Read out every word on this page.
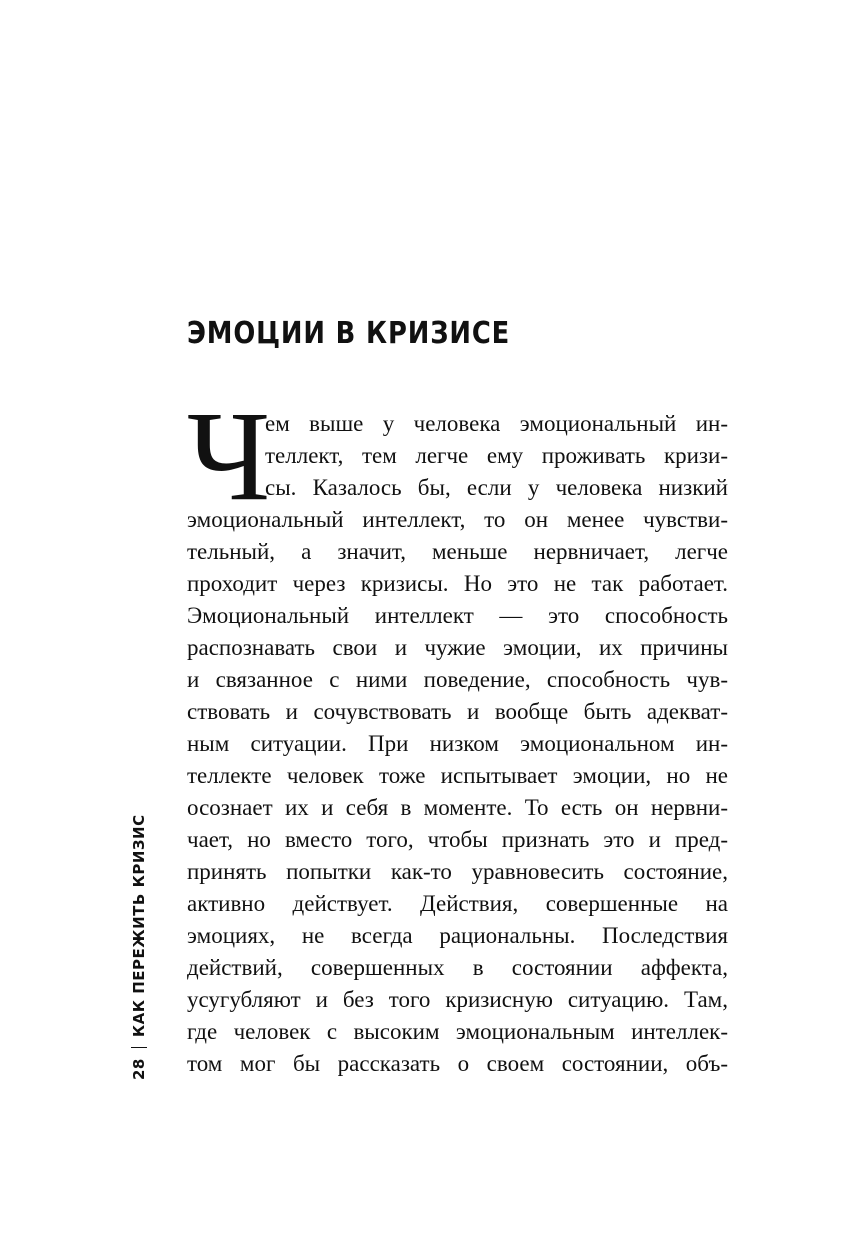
ЭМОЦИИ В КРИЗИСЕ
Ч
ем выше у человека эмоциональный ин-
теллект, тем легче ему проживать кризи-
сы. Казалось бы, если у человека низкий
эмоциональный интеллект, то он менее чувстви-
тельный, а значит, меньше нервничает, легче
проходит через кризисы. Но это не так работает.
Эмоциональный интеллект — это способность
распознавать свои и чужие эмоции, их причины
и связанное с ними поведение, способность чув-
ствовать и сочувствовать и вообще быть адекват-
ным ситуации. При низком эмоциональном ин-
теллекте человек тоже испытывает эмоции, но не
осознает их и себя в моменте. То есть он нервни-
чает, но вместо того, чтобы признать это и пред-
принять попытки как-то уравновесить состояние,
активно действует. Действия, совершенные на
эмоциях, не всегда рациональны. Последствия
действий, совершенных в состоянии аффекта,
усугубляют и без того кризисную ситуацию. Там,
где человек с высоким эмоциональным интеллек-
том мог бы рассказать о своем состоянии, объ-
28
КАК ПЕРЕЖИТЬ КРИЗИС
